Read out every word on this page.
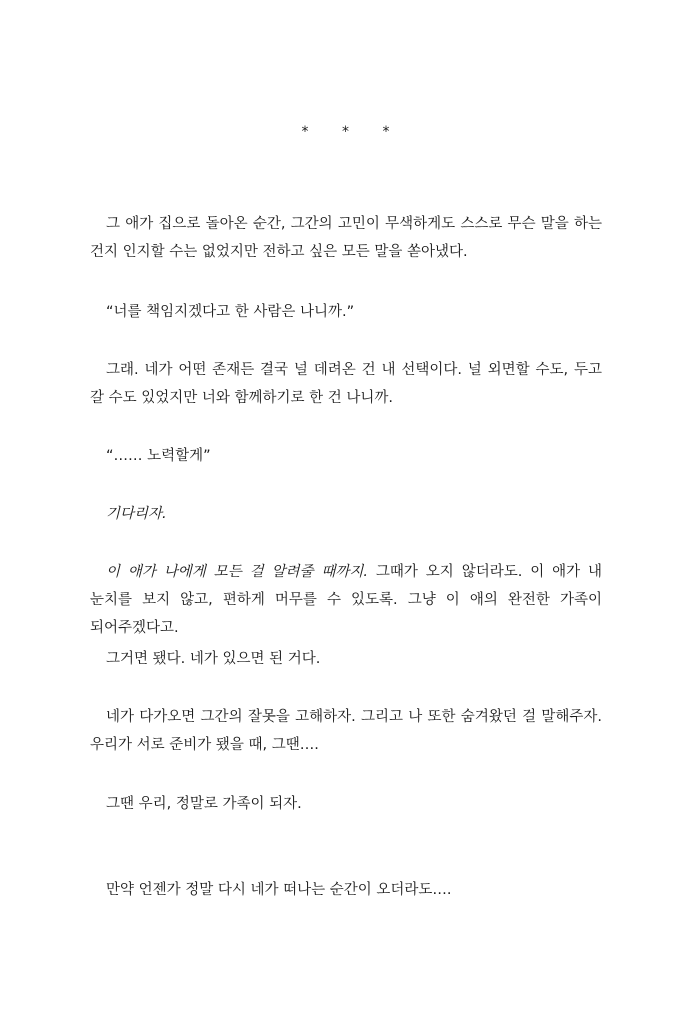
* * *

그 애가 집으로 돌아온 순간, 그간의 고민이 무색하게도 스스로 무슨 말을 하는 건지 인지할 수는 없었지만 전하고 싶은 모든 말을 쏟아냈다.

“너를 책임지겠다고 한 사람은 나니까.”

그래. 네가 어떤 존재든 결국 널 데려온 건 내 선택이다. 널 외면할 수도, 두고 갈 수도 있었지만 너와 함께하기로 한 건 나니까.

“…… 노력할게”

기다리자.

이 애가 나에게 모든 걸 알려줄 때까지. 그때가 오지 않더라도. 이 애가 내 눈치를 보지 않고, 편하게 머무를 수 있도록. 그냥 이 애의 완전한 가족이 되어주겠다고.

그거면 됐다. 네가 있으면 된 거다.

네가 다가오면 그간의 잘못을 고해하자. 그리고 나 또한 숨겨왔던 걸 말해주자. 우리가 서로 준비가 됐을 때, 그땐….

그땐 우리, 정말로 가족이 되자.

만약 언젠가 정말 다시 네가 떠나는 순간이 오더라도….
